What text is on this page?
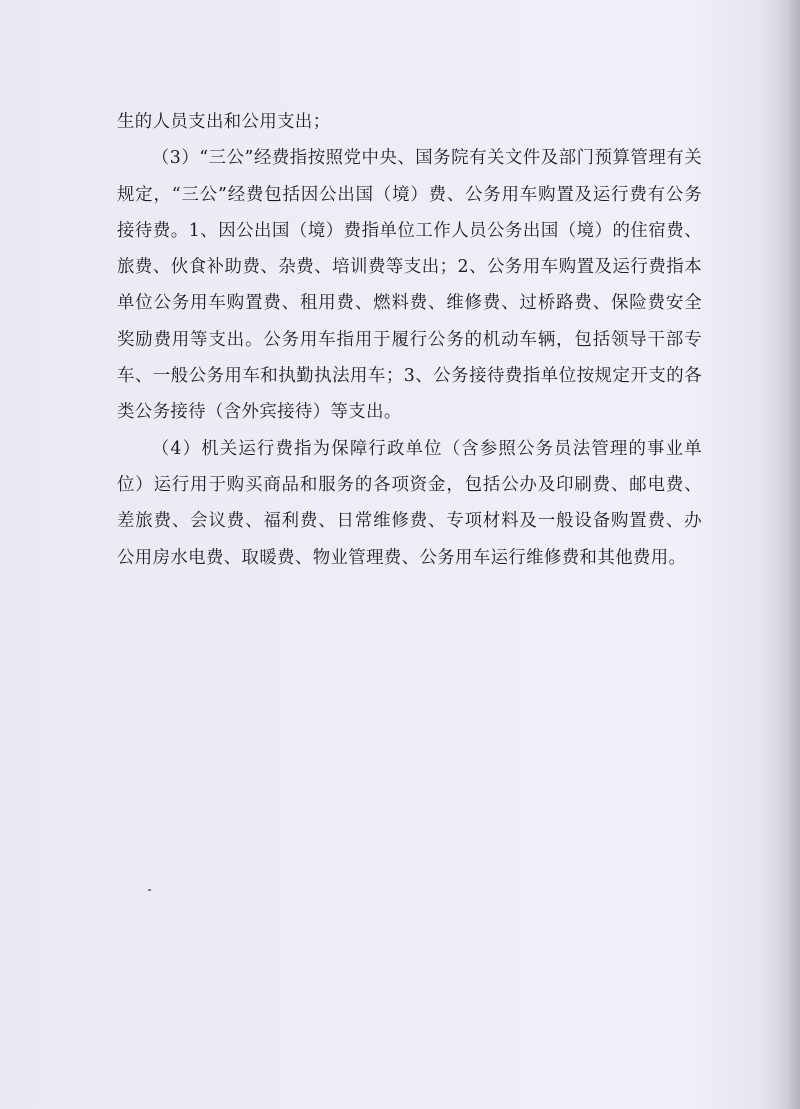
生的人员支出和公用支出；

（3）“三公”经费指按照党中央、国务院有关文件及部门预算管理有关规定，“三公”经费包括因公出国（境）费、公务用车购置及运行费有公务接待费。1、因公出国（境）费指单位工作人员公务出国（境）的住宿费、旅费、伙食补助费、杂费、培训费等支出；2、公务用车购置及运行费指本单位公务用车购置费、租用费、燃料费、维修费、过桥路费、保险费安全奖励费用等支出。公务用车指用于履行公务的机动车辆，包括领导干部专车、一般公务用车和执勤执法用车；3、公务接待费指单位按规定开支的各类公务接待（含外宾接待）等支出。

（4）机关运行费指为保障行政单位（含参照公务员法管理的事业单位）运行用于购买商品和服务的各项资金，包括公办及印刷费、邮电费、差旅费、会议费、福利费、日常维修费、专项材料及一般设备购置费、办公用房水电费、取暖费、物业管理费、公务用车运行维修费和其他费用。
